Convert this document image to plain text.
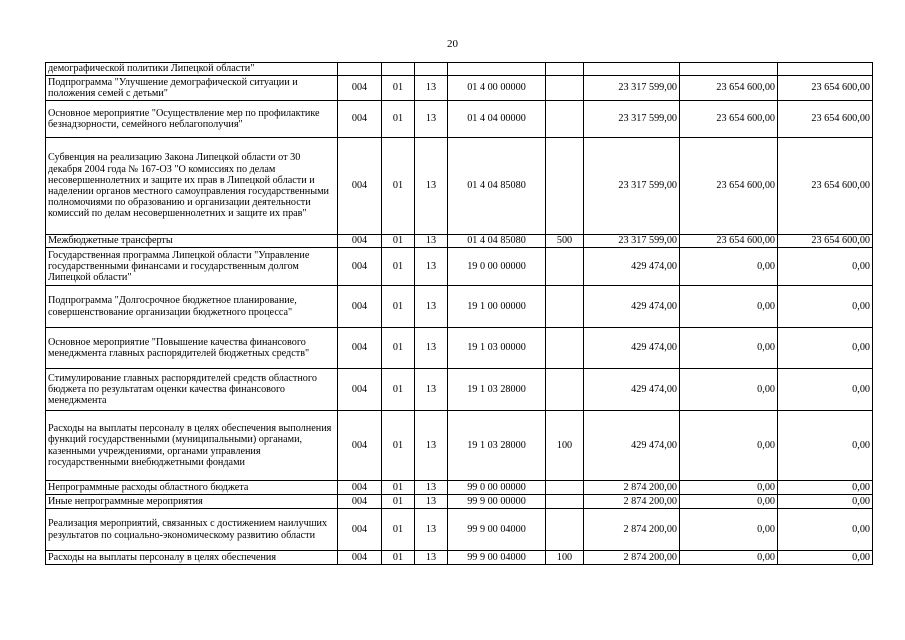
20
демографической политики Липецкой области"								
Подпрограмма "Улучшение демографической ситуации и положения семей с детьми"	004	01	13	01 4 00 00000		23 317 599,00	23 654 600,00	23 654 600,00
Основное мероприятие "Осуществление мер по профилактике безнадзорности, семейного неблагополучия"	004	01	13	01 4 04 00000		23 317 599,00	23 654 600,00	23 654 600,00
Субвенция на реализацию Закона Липецкой области от 30 декабря 2004 года № 167-ОЗ "О комиссиях по делам несовершеннолетних и защите их прав в Липецкой области и наделении органов местного самоуправления государственными полномочиями по образованию и организации деятельности комиссий по делам несовершеннолетних и защите их прав"	004	01	13	01 4 04 85080		23 317 599,00	23 654 600,00	23 654 600,00
Межбюджетные трансферты	004	01	13	01 4 04 85080	500	23 317 599,00	23 654 600,00	23 654 600,00
Государственная программа Липецкой области "Управление государственными финансами и государственным долгом Липецкой области"	004	01	13	19 0 00 00000		429 474,00	0,00	0,00
Подпрограмма "Долгосрочное бюджетное планирование, совершенствование организации бюджетного процесса"	004	01	13	19 1 00 00000		429 474,00	0,00	0,00
Основное мероприятие "Повышение качества финансового менеджмента главных распорядителей бюджетных средств"	004	01	13	19 1 03 00000		429 474,00	0,00	0,00
Стимулирование главных распорядителей средств областного бюджета по результатам оценки качества финансового менеджмента	004	01	13	19 1 03 28000		429 474,00	0,00	0,00
Расходы на выплаты персоналу в целях обеспечения выполнения функций государственными (муниципальными) органами, казенными учреждениями, органами управления государственными внебюджетными фондами	004	01	13	19 1 03 28000	100	429 474,00	0,00	0,00
Непрограммные расходы областного бюджета	004	01	13	99 0 00 00000		2 874 200,00	0,00	0,00
Иные непрограммные мероприятия	004	01	13	99 9 00 00000		2 874 200,00	0,00	0,00
Реализация мероприятий, связанных с достижением наилучших результатов по социально-экономическому развитию области	004	01	13	99 9 00 04000		2 874 200,00	0,00	0,00
Расходы на выплаты персоналу в целях обеспечения	004	01	13	99 9 00 04000	100	2 874 200,00	0,00	0,00
